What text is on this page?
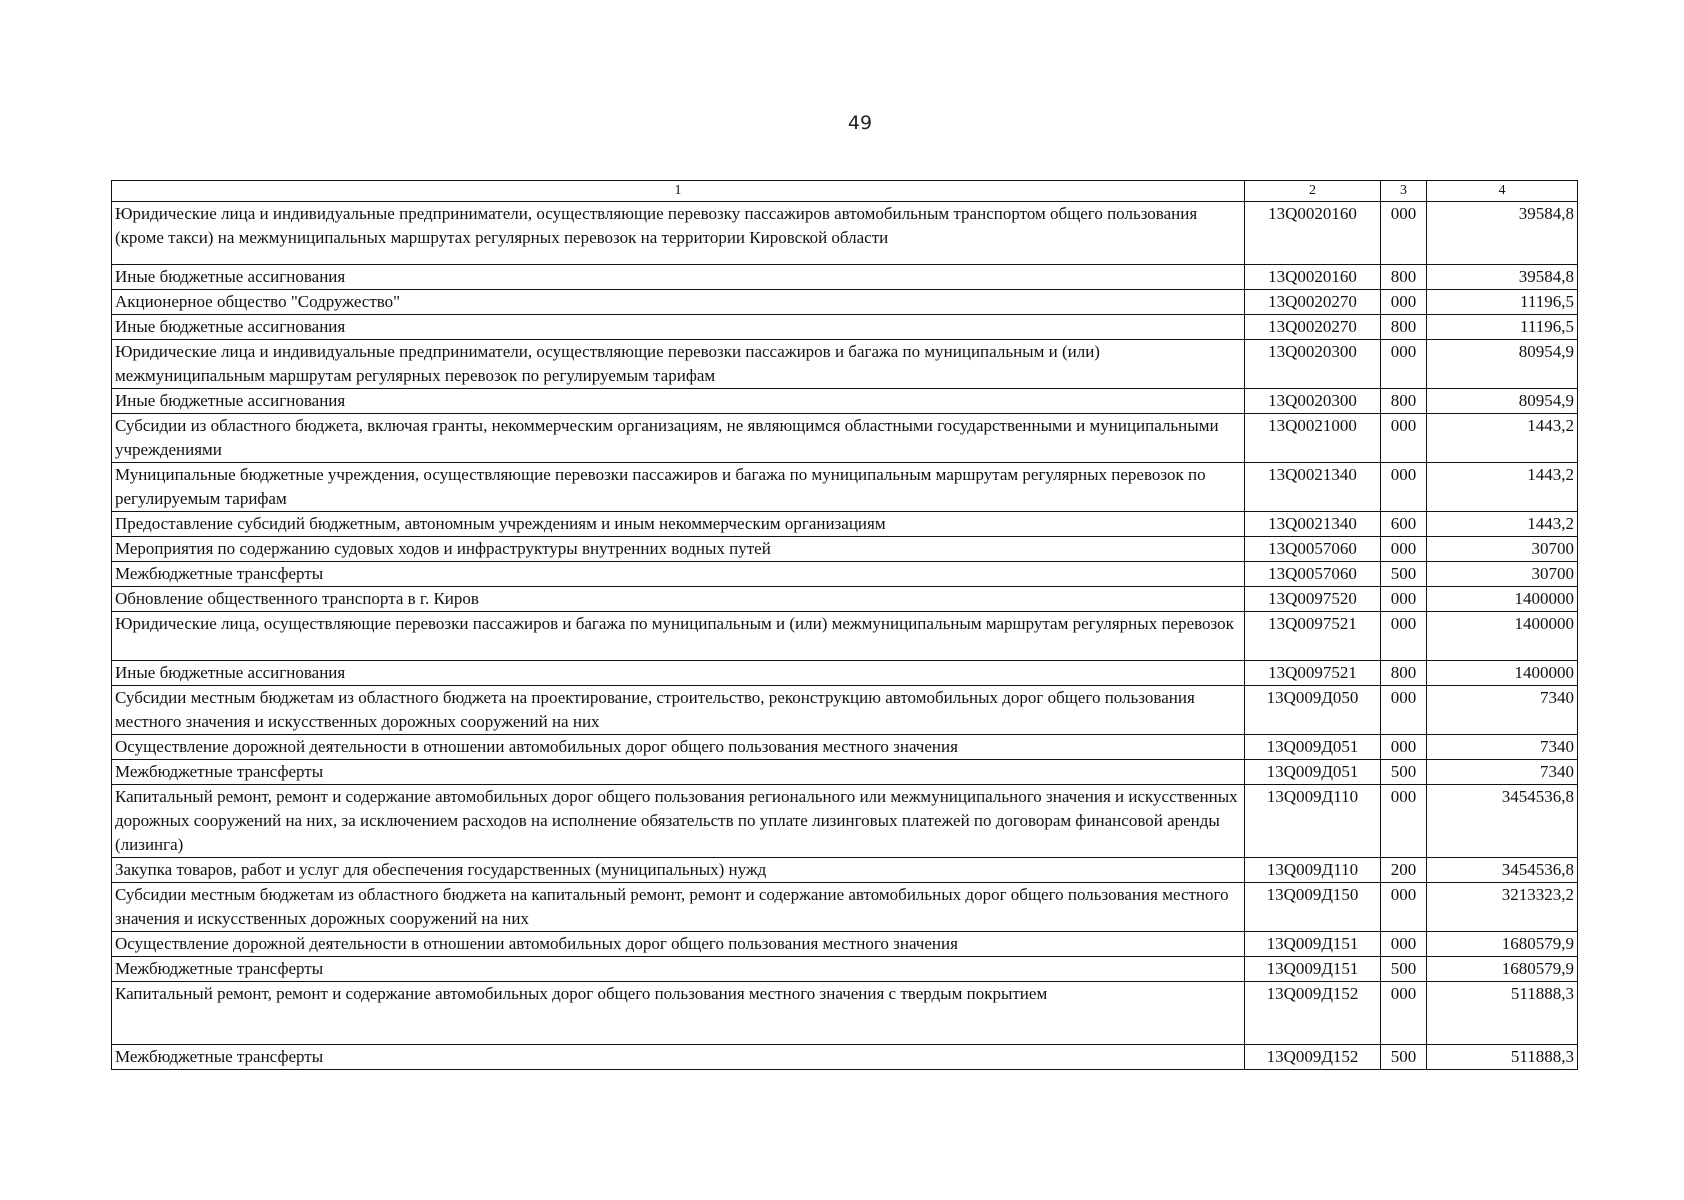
49
1	2	3	4
Юридические лица и индивидуальные предприниматели, осуществляющие перевозку пассажиров автомобильным транспортом общего пользования (кроме такси) на межмуниципальных маршрутах регулярных перевозок на территории Кировской области	13Q0020160	000	39584,8
Иные бюджетные ассигнования	13Q0020160	800	39584,8
Акционерное общество "Содружество"	13Q0020270	000	11196,5
Иные бюджетные ассигнования	13Q0020270	800	11196,5
Юридические лица и индивидуальные предприниматели, осуществляющие перевозки пассажиров и багажа по муниципальным и (или) межмуниципальным маршрутам регулярных перевозок по регулируемым тарифам	13Q0020300	000	80954,9
Иные бюджетные ассигнования	13Q0020300	800	80954,9
Субсидии из областного бюджета, включая гранты, некоммерческим организациям, не являющимся областными государственными и муниципальными учреждениями	13Q0021000	000	1443,2
Муниципальные бюджетные учреждения, осуществляющие перевозки пассажиров и багажа по муниципальным маршрутам регулярных перевозок по регулируемым тарифам	13Q0021340	000	1443,2
Предоставление субсидий бюджетным, автономным учреждениям и иным некоммерческим организациям	13Q0021340	600	1443,2
Мероприятия по содержанию судовых ходов и инфраструктуры внутренних водных путей	13Q0057060	000	30700
Межбюджетные трансферты	13Q0057060	500	30700
Обновление общественного транспорта в г. Киров	13Q0097520	000	1400000
Юридические лица, осуществляющие перевозки пассажиров и багажа по муниципальным и (или) межмуниципальным маршрутам регулярных перевозок	13Q0097521	000	1400000
Иные бюджетные ассигнования	13Q0097521	800	1400000
Субсидии местным бюджетам из областного бюджета на проектирование, строительство, реконструкцию автомобильных дорог общего пользования местного значения и искусственных дорожных сооружений на них	13Q009Д050	000	7340
Осуществление дорожной деятельности в отношении автомобильных дорог общего пользования местного значения	13Q009Д051	000	7340
Межбюджетные трансферты	13Q009Д051	500	7340
Капитальный ремонт, ремонт и содержание автомобильных дорог общего пользования регионального или межмуниципального значения и искусственных дорожных сооружений на них, за исключением расходов на исполнение обязательств по уплате лизинговых платежей по договорам финансовой аренды (лизинга)	13Q009Д110	000	3454536,8
Закупка товаров, работ и услуг для обеспечения государственных (муниципальных) нужд	13Q009Д110	200	3454536,8
Субсидии местным бюджетам из областного бюджета на капитальный ремонт, ремонт и содержание автомобильных дорог общего пользования местного значения и искусственных дорожных сооружений на них	13Q009Д150	000	3213323,2
Осуществление дорожной деятельности в отношении автомобильных дорог общего пользования местного значения	13Q009Д151	000	1680579,9
Межбюджетные трансферты	13Q009Д151	500	1680579,9
Капитальный ремонт, ремонт и содержание автомобильных дорог общего пользования местного значения с твердым покрытием	13Q009Д152	000	511888,3
Межбюджетные трансферты	13Q009Д152	500	511888,3
